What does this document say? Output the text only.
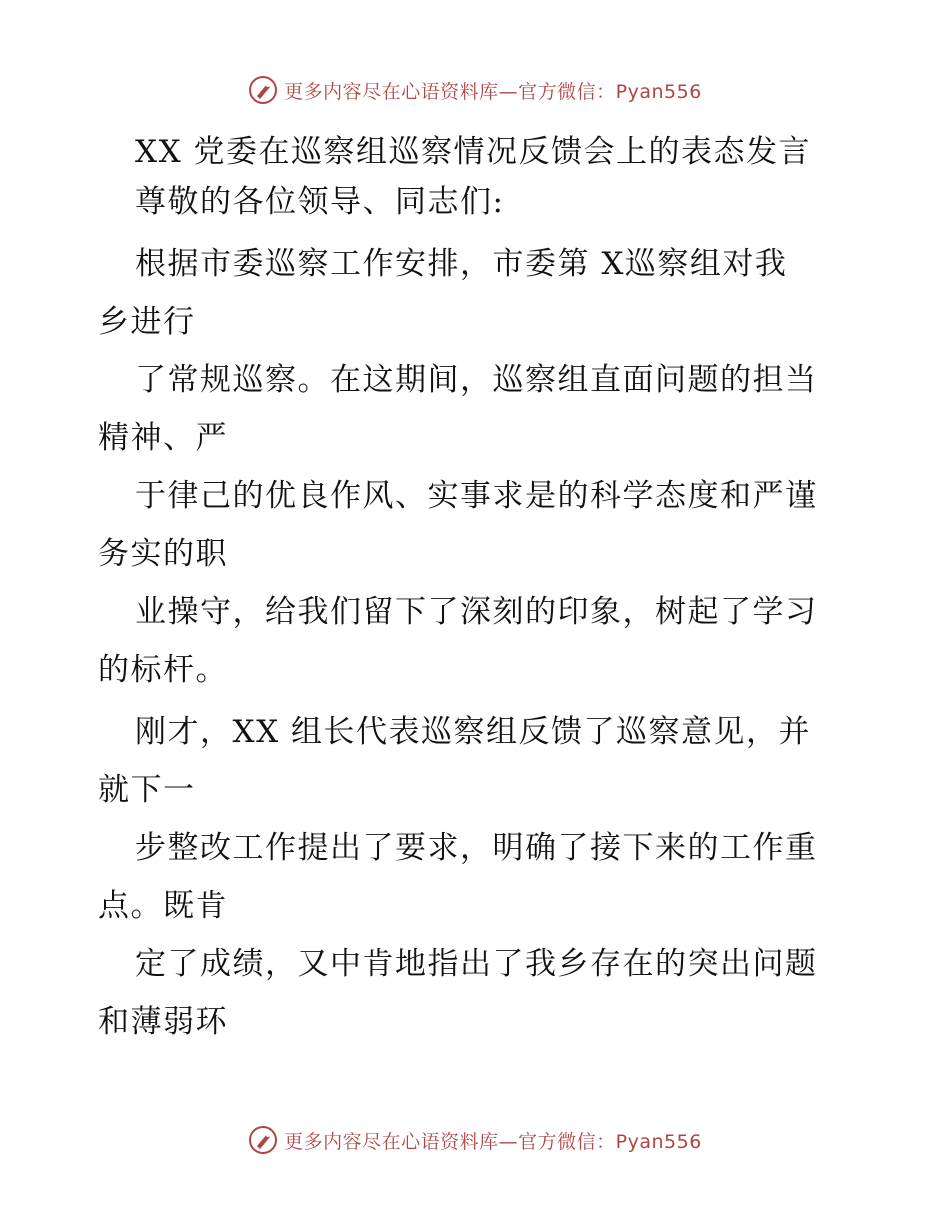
更多内容尽在心语资料库—官方微信：Pyan556
XX 党委在巡察组巡察情况反馈会上的表态发言
尊敬的各位领导、同志们:
根据市委巡察工作安排，市委第 X巡察组对我
乡进行
了常规巡察。在这期间，巡察组直面问题的担当
精神、严
于律己的优良作风、实事求是的科学态度和严谨
务实的职
业操守，给我们留下了深刻的印象，树起了学习
的标杆。
刚才，XX 组长代表巡察组反馈了巡察意见，并
就下一
步整改工作提出了要求，明确了接下来的工作重
点。既肯
定了成绩，又中肯地指出了我乡存在的突出问题
和薄弱环
更多内容尽在心语资料库—官方微信：Pyan556
